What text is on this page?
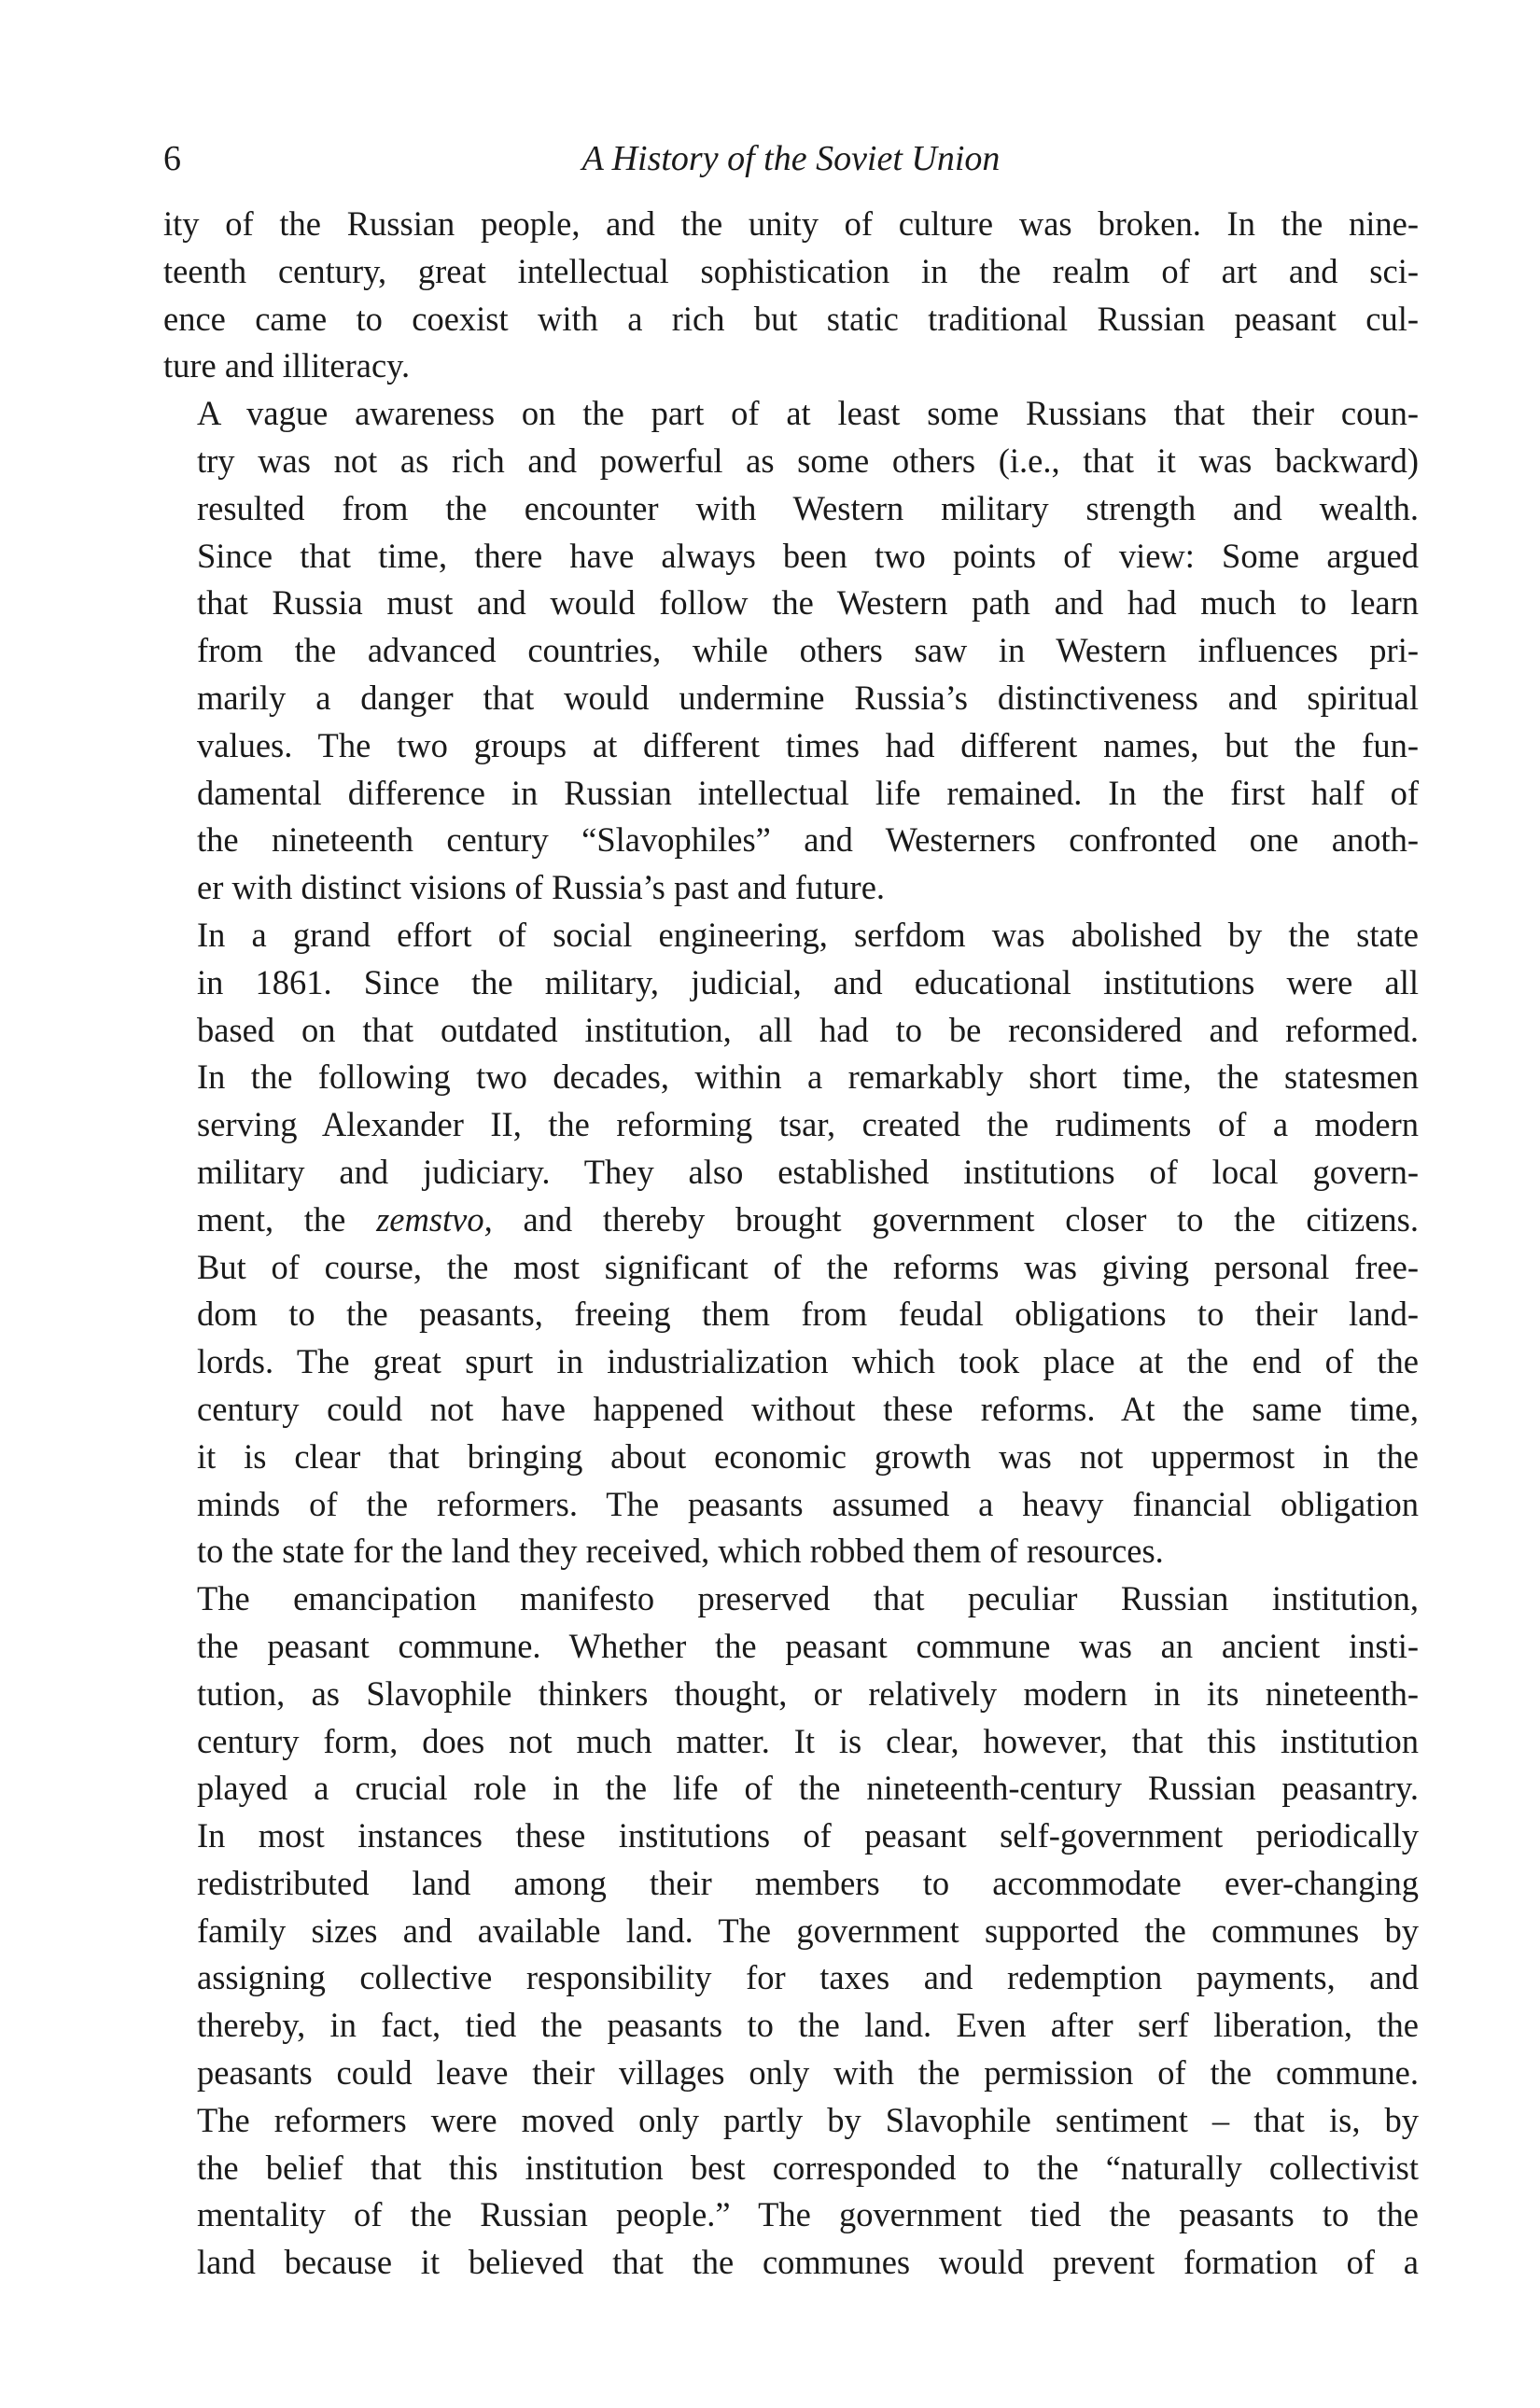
6	A History of the Soviet Union

ity of the Russian people, and the unity of culture was broken. In the nine-
teenth century, great intellectual sophistication in the realm of art and sci-
ence came to coexist with a rich but static traditional Russian peasant cul-
ture and illiteracy.

A vague awareness on the part of at least some Russians that their coun-
try was not as rich and powerful as some others (i.e., that it was backward)
resulted from the encounter with Western military strength and wealth.
Since that time, there have always been two points of view: Some argued
that Russia must and would follow the Western path and had much to learn
from the advanced countries, while others saw in Western influences pri-
marily a danger that would undermine Russia’s distinctiveness and spiritual
values. The two groups at different times had different names, but the fun-
damental difference in Russian intellectual life remained. In the first half of
the nineteenth century “Slavophiles” and Westerners confronted one anoth-
er with distinct visions of Russia’s past and future.

In a grand effort of social engineering, serfdom was abolished by the state
in 1861. Since the military, judicial, and educational institutions were all
based on that outdated institution, all had to be reconsidered and reformed.
In the following two decades, within a remarkably short time, the statesmen
serving Alexander II, the reforming tsar, created the rudiments of a modern
military and judiciary. They also established institutions of local govern-
ment, the zemstvo, and thereby brought government closer to the citizens.
But of course, the most significant of the reforms was giving personal free-
dom to the peasants, freeing them from feudal obligations to their land-
lords. The great spurt in industrialization which took place at the end of the
century could not have happened without these reforms. At the same time,
it is clear that bringing about economic growth was not uppermost in the
minds of the reformers. The peasants assumed a heavy financial obligation
to the state for the land they received, which robbed them of resources.

The emancipation manifesto preserved that peculiar Russian institution,
the peasant commune. Whether the peasant commune was an ancient insti-
tution, as Slavophile thinkers thought, or relatively modern in its nineteenth-
century form, does not much matter. It is clear, however, that this institution
played a crucial role in the life of the nineteenth-century Russian peasantry.
In most instances these institutions of peasant self-government periodically
redistributed land among their members to accommodate ever-changing
family sizes and available land. The government supported the communes by
assigning collective responsibility for taxes and redemption payments, and
thereby, in fact, tied the peasants to the land. Even after serf liberation, the
peasants could leave their villages only with the permission of the commune.
The reformers were moved only partly by Slavophile sentiment – that is, by
the belief that this institution best corresponded to the “naturally collectivist
mentality of the Russian people.” The government tied the peasants to the
land because it believed that the communes would prevent formation of a
